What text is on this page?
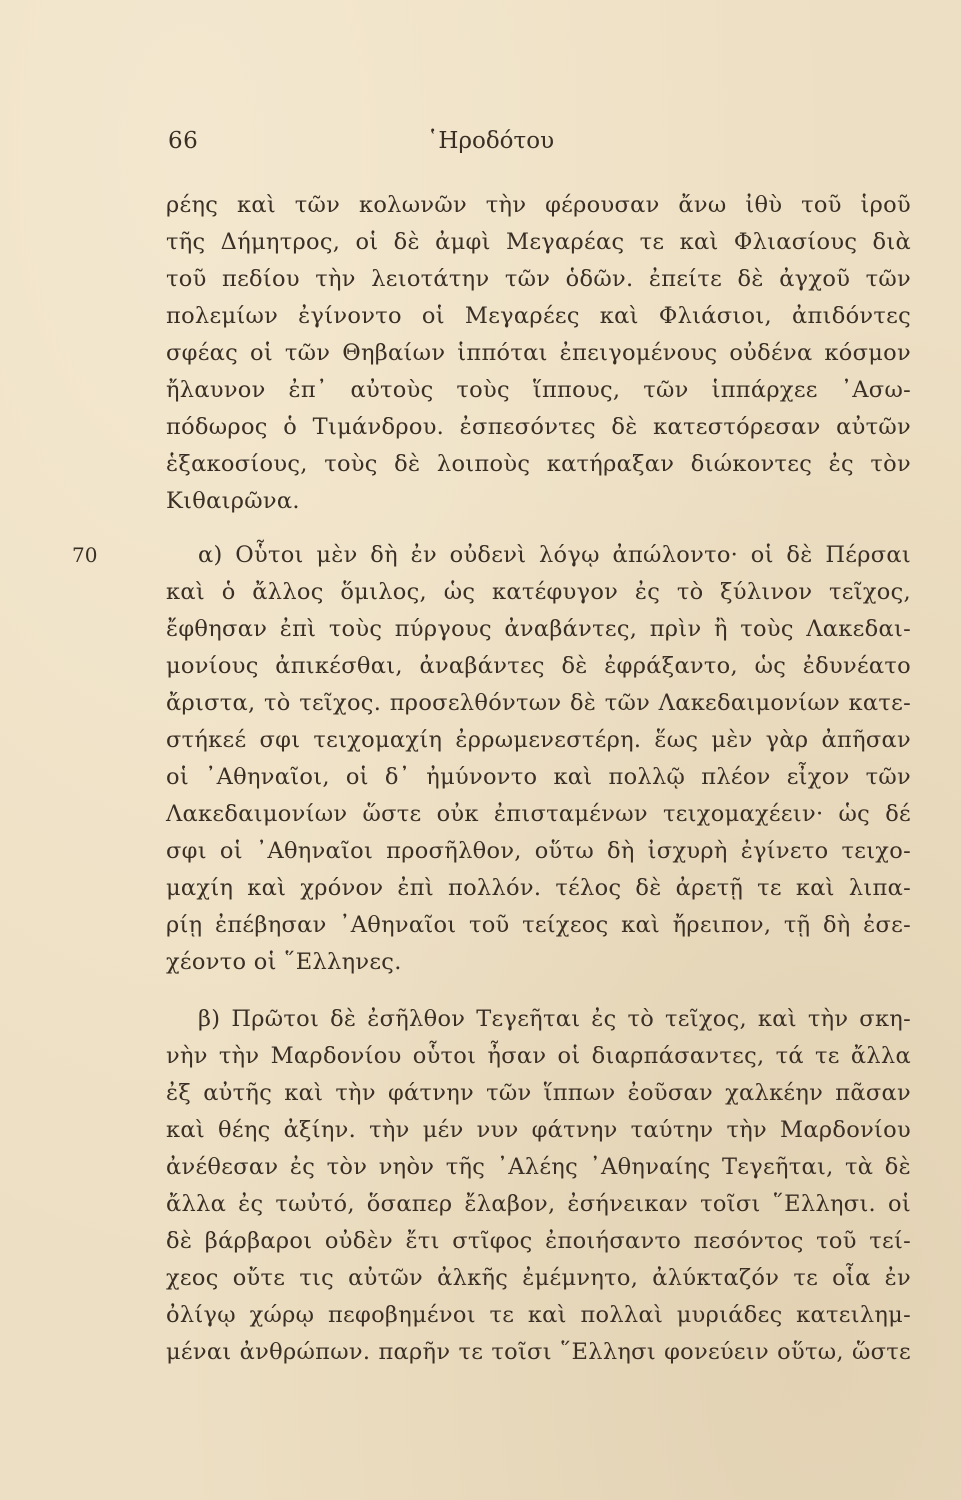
66	῾Ηροδότου
70
ρέης καὶ τῶν κολωνῶν τὴν φέρουσαν ἄνω ἰθὺ τοῦ ἱροῦ
τῆς Δήμητρος, οἱ δὲ ἀμφὶ Μεγαρέας τε καὶ Φλιασίους διὰ
τοῦ πεδίου τὴν λειοτάτην τῶν ὁδῶν. ἐπείτε δὲ ἀγχοῦ τῶν
πολεμίων ἐγίνοντο οἱ Μεγαρέες καὶ Φλιάσιοι, ἀπιδόντες
σφέας οἱ τῶν Θηβαίων ἱππόται ἐπειγομένους οὐδένα κόσμον
ἤλαυνον ἐπ᾽ αὐτοὺς τοὺς ἵππους, τῶν ἱππάρχεε ᾿Ασω-
πόδωρος ὁ Τιμάνδρου. ἐσπεσόντες δὲ κατεστόρεσαν αὐτῶν
ἑξακοσίους, τοὺς δὲ λοιποὺς κατήραξαν διώκοντες ἐς τὸν
Κιθαιρῶνα.
α) Οὗτοι μὲν δὴ ἐν οὐδενὶ λόγῳ ἀπώλοντο· οἱ δὲ Πέρσαι
καὶ ὁ ἄλλος ὅμιλος, ὡς κατέφυγον ἐς τὸ ξύλινον τεῖχος,
ἔφθησαν ἐπὶ τοὺς πύργους ἀναβάντες, πρὶν ἢ τοὺς Λακεδαι-
μονίους ἀπικέσθαι, ἀναβάντες δὲ ἐφράξαντο, ὡς ἐδυνέατο
ἄριστα, τὸ τεῖχος. προσελθόντων δὲ τῶν Λακεδαιμονίων κατε-
στήκεέ σφι τειχομαχίη ἐρρωμενεστέρη. ἕως μὲν γὰρ ἀπῆσαν
οἱ ᾿Αθηναῖοι, οἱ δ᾽ ἠμύνοντο καὶ πολλῷ πλέον εἶχον τῶν
Λακεδαιμονίων ὥστε οὐκ ἐπισταμένων τειχομαχέειν· ὡς δέ
σφι οἱ ᾿Αθηναῖοι προσῆλθον, οὕτω δὴ ἰσχυρὴ ἐγίνετο τειχο-
μαχίη καὶ χρόνον ἐπὶ πολλόν. τέλος δὲ ἀρετῇ τε καὶ λιπα-
ρίῃ ἐπέβησαν ᾿Αθηναῖοι τοῦ τείχεος καὶ ἤρειπον, τῇ δὴ ἐσε-
χέοντο οἱ ῞Ελληνες.
β) Πρῶτοι δὲ ἐσῆλθον Τεγεῆται ἐς τὸ τεῖχος, καὶ τὴν σκη-
νὴν τὴν Μαρδονίου οὗτοι ἦσαν οἱ διαρπάσαντες, τά τε ἄλλα
ἐξ αὐτῆς καὶ τὴν φάτνην τῶν ἵππων ἐοῦσαν χαλκέην πᾶσαν
καὶ θέης ἀξίην. τὴν μέν νυν φάτνην ταύτην τὴν Μαρδονίου
ἀνέθεσαν ἐς τὸν νηὸν τῆς ᾿Αλέης ᾿Αθηναίης Τεγεῆται, τὰ δὲ
ἄλλα ἐς τωὐτό, ὅσαπερ ἔλαβον, ἐσήνεικαν τοῖσι ῞Ελλησι. οἱ
δὲ βάρβαροι οὐδὲν ἔτι στῖφος ἐποιήσαντο πεσόντος τοῦ τεί-
χεος οὔτε τις αὐτῶν ἀλκῆς ἐμέμνητο, ἀλύκταζόν τε οἷα ἐν
ὀλίγῳ χώρῳ πεφοβημένοι τε καὶ πολλαὶ μυριάδες κατειλημ-
μέναι ἀνθρώπων. παρῆν τε τοῖσι ῞Ελλησι φονεύειν οὕτω, ὥστε
